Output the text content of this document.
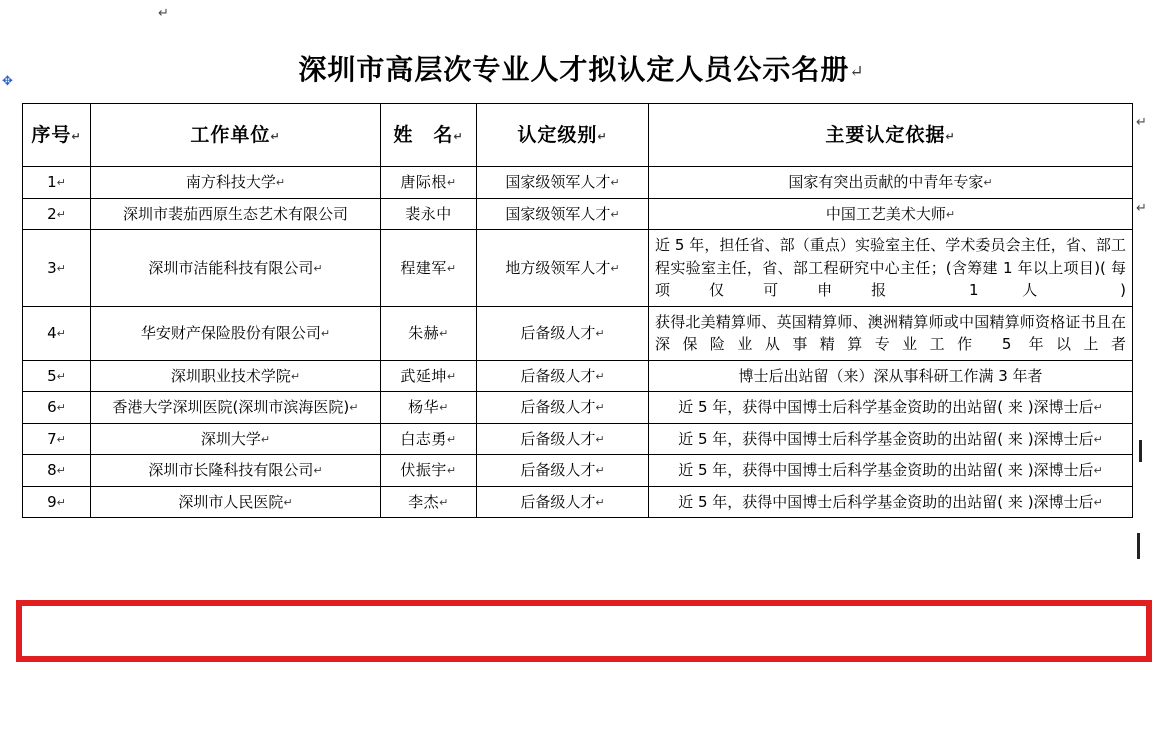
↵
✥	深圳市高层次专业人才拟认定人员公示名册↵
序号↵	工作单位↵	姓　名↵	认定级别↵	主要认定依据↵
1↵	南方科技大学↵	唐际根↵	国家级领军人才↵	国家有突出贡献的中青年专家↵
2↵	深圳市裴茄西原生态艺术有限公司	裴永中	国家级领军人才↵	中国工艺美术大师↵
3↵	深圳市洁能科技有限公司↵	程建军↵	地方级领军人才↵	近 5 年，担任省、部（重点）实验室主任、学术委员会主任，省、部工程实验室主任，省、部工程研究中心主任；(含筹建 1 年以上项目)( 每项仅可申报 1 人 )
4↵	华安财产保险股份有限公司↵	朱赫↵	后备级人才↵	获得北美精算师、英国精算师、澳洲精算师或中国精算师资格证书且在深保险业从事精算专业工作 5 年以上者
5↵	深圳职业技术学院↵	武延坤↵	后备级人才↵	博士后出站留（来）深从事科研工作满 3 年者
6↵	香港大学深圳医院(深圳市滨海医院)↵	杨华↵	后备级人才↵	近 5 年，获得中国博士后科学基金资助的出站留( 来 )深博士后↵
7↵	深圳大学↵	白志勇↵	后备级人才↵	近 5 年，获得中国博士后科学基金资助的出站留( 来 )深博士后↵
8↵	深圳市长隆科技有限公司↵	伏振宇↵	后备级人才↵	近 5 年，获得中国博士后科学基金资助的出站留( 来 )深博士后↵
9↵	深圳市人民医院↵	李杰↵	后备级人才↵	近 5 年，获得中国博士后科学基金资助的出站留( 来 )深博士后↵
↵
↵
